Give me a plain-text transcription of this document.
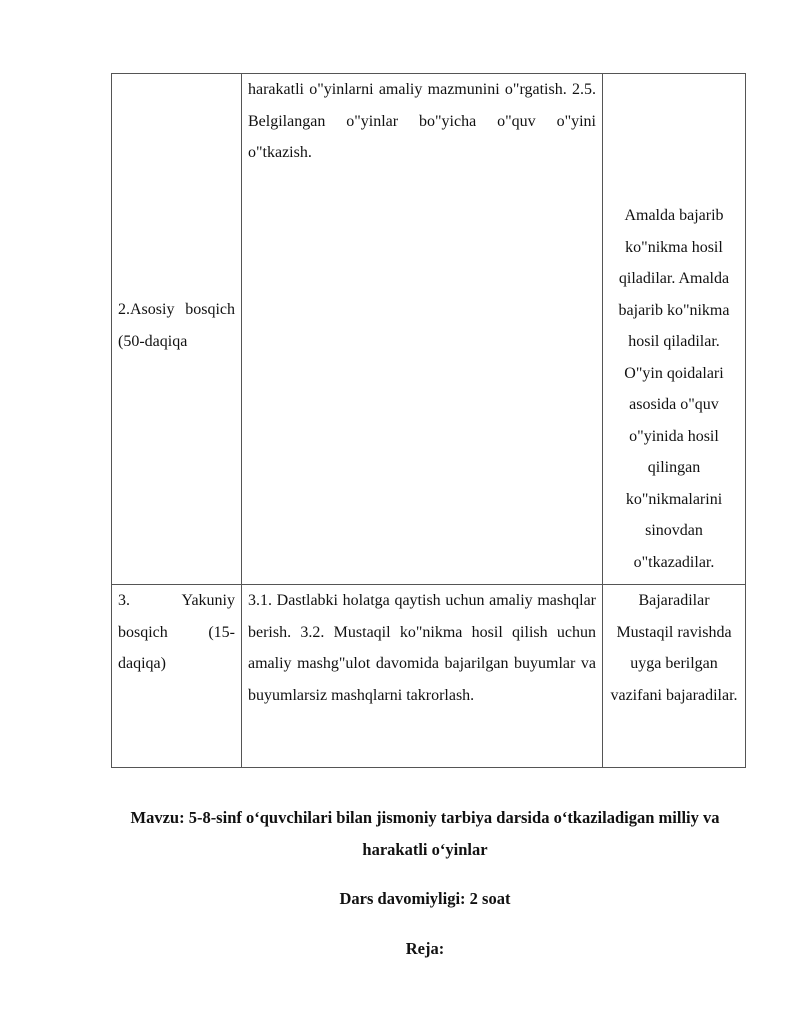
2.Asosiy bosqich (50-daqiqa	harakatli o"yinlarni amaliy mazmunini o"rgatish. 2.5. Belgilangan o"yinlar bo"yicha o"quv o"yini o"tkazish.	Amalda bajarib ko"nikma hosil qiladilar. Amalda bajarib ko"nikma hosil qiladilar. O"yin qoidalari asosida o"quv o"yinida hosil qilingan ko"nikmalarini sinovdan o"tkazadilar.
3. Yakuniy bosqich (15-daqiqa)	3.1. Dastlabki holatga qaytish uchun amaliy mashqlar berish. 3.2. Mustaqil ko"nikma hosil qilish uchun amaliy mashg"ulot davomida bajarilgan buyumlar va buyumlarsiz mashqlarni takrorlash.	Bajaradilar Mustaqil ravishda uyga berilgan vazifani bajaradilar.
Mavzu: 5-8-sinf o‘quvchilari bilan jismoniy tarbiya darsida o‘tkaziladigan milliy va harakatli o‘yinlar
Dars davomiyligi: 2 soat
Reja:
